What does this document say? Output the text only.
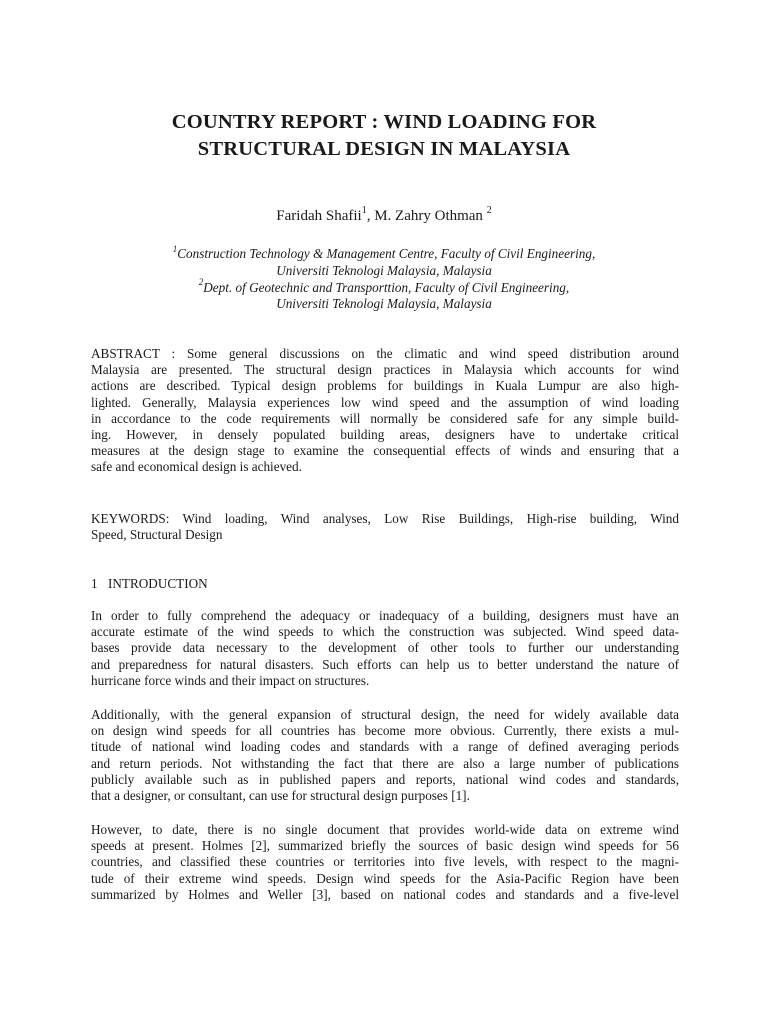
COUNTRY REPORT : WIND LOADING FOR
STRUCTURAL DESIGN IN MALAYSIA
Faridah Shafii$^1$, M. Zahry Othman $^2$
$^1$Construction Technology & Management Centre, Faculty of Civil Engineering,
Universiti Teknologi Malaysia, Malaysia
$^2$Dept. of Geotechnic and Transporttion, Faculty of Civil Engineering,
Universiti Teknologi Malaysia, Malaysia
ABSTRACT : Some general discussions on the climatic and wind speed distribution around
Malaysia are presented. The structural design practices in Malaysia which accounts for wind
actions are described. Typical design problems for buildings in Kuala Lumpur are also high-
lighted. Generally, Malaysia experiences low wind speed and the assumption of wind loading
in accordance to the code requirements will normally be considered safe for any simple build-
ing. However, in densely populated building areas, designers have to undertake critical
measures at the design stage to examine the consequential effects of winds and ensuring that a
safe and economical design is achieved.
KEYWORDS: Wind loading, Wind analyses, Low Rise Buildings, High-rise building, Wind
Speed, Structural Design
1 INTRODUCTION
In order to fully comprehend the adequacy or inadequacy of a building, designers must have an
accurate estimate of the wind speeds to which the construction was subjected. Wind speed data-
bases provide data necessary to the development of other tools to further our understanding
and preparedness for natural disasters. Such efforts can help us to better understand the nature of
hurricane force winds and their impact on structures.
Additionally, with the general expansion of structural design, the need for widely available data
on design wind speeds for all countries has become more obvious. Currently, there exists a mul-
titude of national wind loading codes and standards with a range of defined averaging periods
and return periods. Not withstanding the fact that there are also a large number of publications
publicly available such as in published papers and reports, national wind codes and standards,
that a designer, or consultant, can use for structural design purposes [1].
However, to date, there is no single document that provides world-wide data on extreme wind
speeds at present. Holmes [2], summarized briefly the sources of basic design wind speeds for 56
countries, and classified these countries or territories into five levels, with respect to the magni-
tude of their extreme wind speeds. Design wind speeds for the Asia-Pacific Region have been
summarized by Holmes and Weller [3], based on national codes and standards and a five-level
